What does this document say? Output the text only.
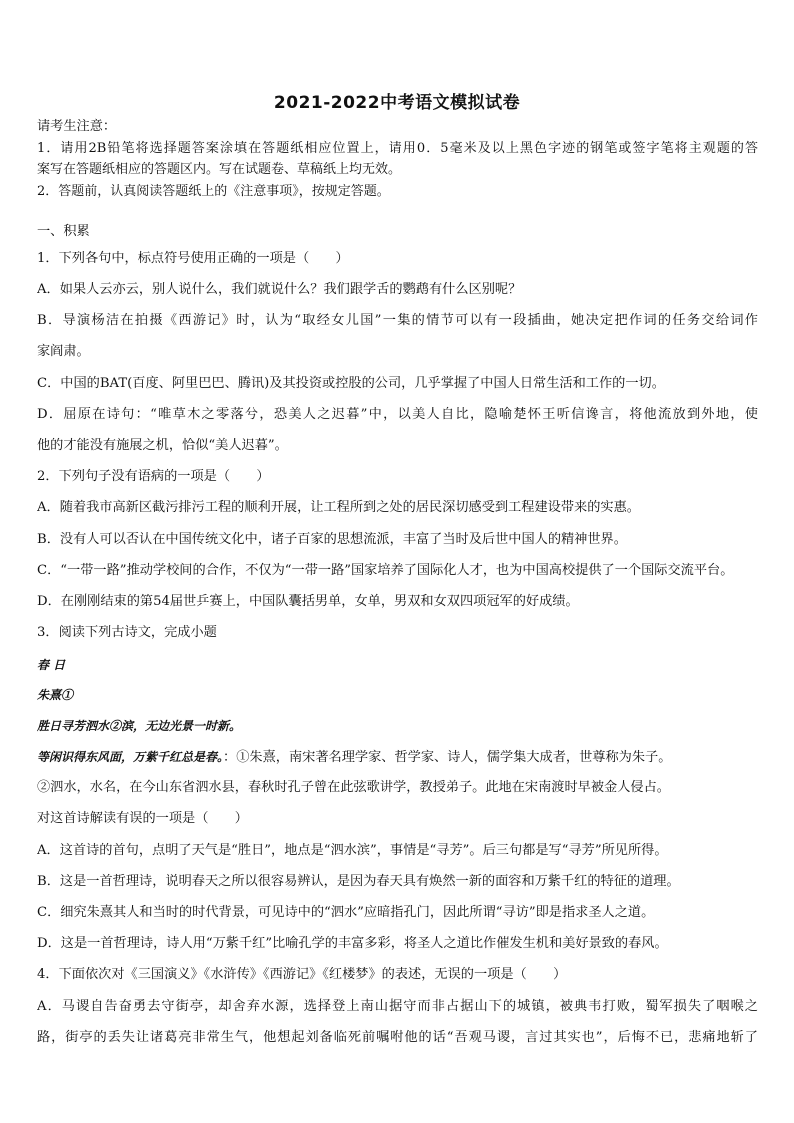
2021-2022中考语文模拟试卷
请考生注意：
1．请用2B铅笔将选择题答案涂填在答题纸相应位置上，请用0．5毫米及以上黑色字迹的钢笔或签字笔将主观题的答
案写在答题纸相应的答题区内。写在试题卷、草稿纸上均无效。
2．答题前，认真阅读答题纸上的《注意事项》，按规定答题。
一、积累
1．下列各句中，标点符号使用正确的一项是（　　）
A．如果人云亦云，别人说什么，我们就说什么？我们跟学舌的鹦鹉有什么区别呢？
B．导演杨洁在拍摄《西游记》时，认为“取经女儿国”一集的情节可以有一段插曲，她决定把作词的任务交给词作
家阎肃。
C．中国的BAT(百度、阿里巴巴、腾讯)及其投资或控股的公司，几乎掌握了中国人日常生活和工作的一切。
D．屈原在诗句：“唯草木之零落兮，恐美人之迟暮”中，以美人自比，隐喻楚怀王听信谗言，将他流放到外地，使
他的才能没有施展之机，恰似“美人迟暮”。
2．下列句子没有语病的一项是（　　）
A．随着我市高新区截污排污工程的顺利开展，让工程所到之处的居民深切感受到工程建设带来的实惠。
B．没有人可以否认在中国传统文化中，诸子百家的思想流派，丰富了当时及后世中国人的精神世界。
C．“一带一路”推动学校间的合作，不仅为“一带一路”国家培养了国际化人才，也为中国高校提供了一个国际交流平台。
D．在刚刚结束的第54届世乒赛上，中国队囊括男单，女单，男双和女双四项冠军的好成绩。
3．阅读下列古诗文，完成小题
春 日
朱熹①
胜日寻芳泗水②滨，无边光景一时新。
等闲识得东风面，万紫千红总是春。：①朱熹，南宋著名理学家、哲学家、诗人，儒学集大成者，世尊称为朱子。
②泗水，水名，在今山东省泗水县，春秋时孔子曾在此弦歌讲学，教授弟子。此地在宋南渡时早被金人侵占。
对这首诗解读有误的一项是（　　）
A．这首诗的首句，点明了天气是“胜日”，地点是“泗水滨”，事情是“寻芳”。后三句都是写“寻芳”所见所得。
B．这是一首哲理诗，说明春天之所以很容易辨认，是因为春天具有焕然一新的面容和万紫千红的特征的道理。
C．细究朱熹其人和当时的时代背景，可见诗中的“泗水”应暗指孔门，因此所谓“寻访”即是指求圣人之道。
D．这是一首哲理诗，诗人用“万紫千红”比喻孔学的丰富多彩，将圣人之道比作催发生机和美好景致的春风。
4．下面依次对《三国演义》《水浒传》《西游记》《红楼梦》的表述，无误的一项是（　　）
A．马谡自告奋勇去守街亭，却舍弃水源，选择登上南山据守而非占据山下的城镇，被典韦打败，蜀军损失了咽喉之
路，街亭的丢失让诸葛亮非常生气，他想起刘备临死前嘱咐他的话“吾观马谡，言过其实也”，后悔不已，悲痛地斩了
